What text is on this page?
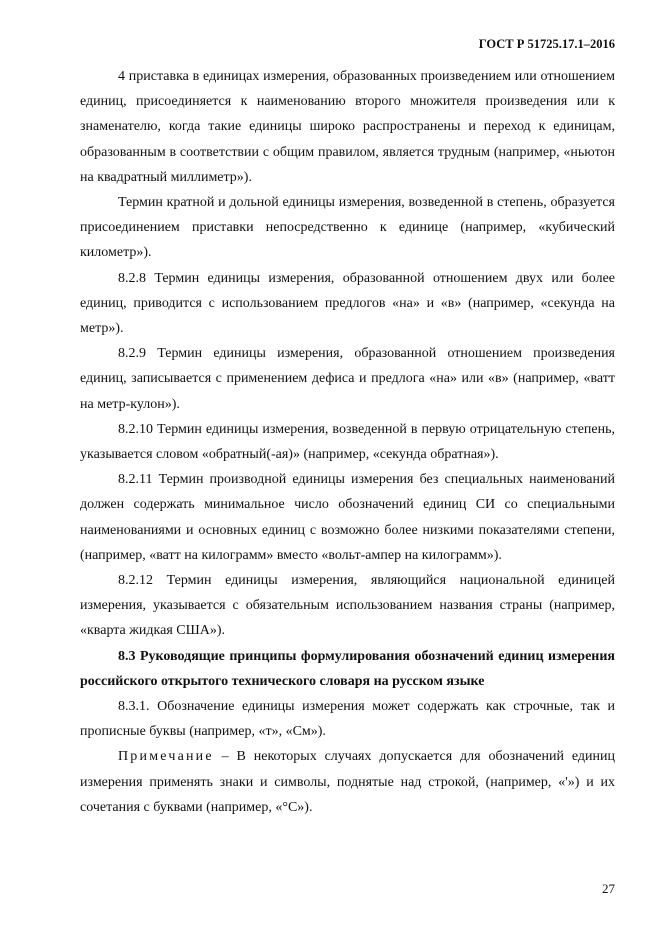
ГОСТ Р 51725.17.1–2016

4 приставка в единицах измерения, образованных произведением или отношением единиц, присоединяется к наименованию второго множителя произведения или к знаменателю, когда такие единицы широко распространены и переход к единицам, образованным в соответствии с общим правилом, является трудным (например, «ньютон на квадратный миллиметр»).

Термин кратной и дольной единицы измерения, возведенной в степень, образуется присоединением приставки непосредственно к единице (например, «кубический километр»).

8.2.8 Термин единицы измерения, образованной отношением двух или более единиц, приводится с использованием предлогов «на» и «в» (например, «секунда на метр»).

8.2.9 Термин единицы измерения, образованной отношением произведения единиц, записывается с применением дефиса и предлога «на» или «в» (например, «ватт на метр-кулон»).

8.2.10 Термин единицы измерения, возведенной в первую отрицательную степень, указывается словом «обратный(-ая)» (например, «секунда обратная»).

8.2.11 Термин производной единицы измерения без специальных наименований должен содержать минимальное число обозначений единиц СИ со специальными наименованиями и основных единиц с возможно более низкими показателями степени, (например, «ватт на килограмм» вместо «вольт-ампер на килограмм»).

8.2.12 Термин единицы измерения, являющийся национальной единицей измерения, указывается с обязательным использованием названия страны (например, «кварта жидкая США»).

8.3 Руководящие принципы формулирования обозначений единиц измерения российского открытого технического словаря на русском языке

8.3.1. Обозначение единицы измерения может содержать как строчные, так и прописные буквы (например, «т», «См»).

Примечание – В некоторых случаях допускается для обозначений единиц измерения применять знаки и символы, поднятые над строкой, (например, «'») и их сочетания с буквами (например, «°С»).

27
